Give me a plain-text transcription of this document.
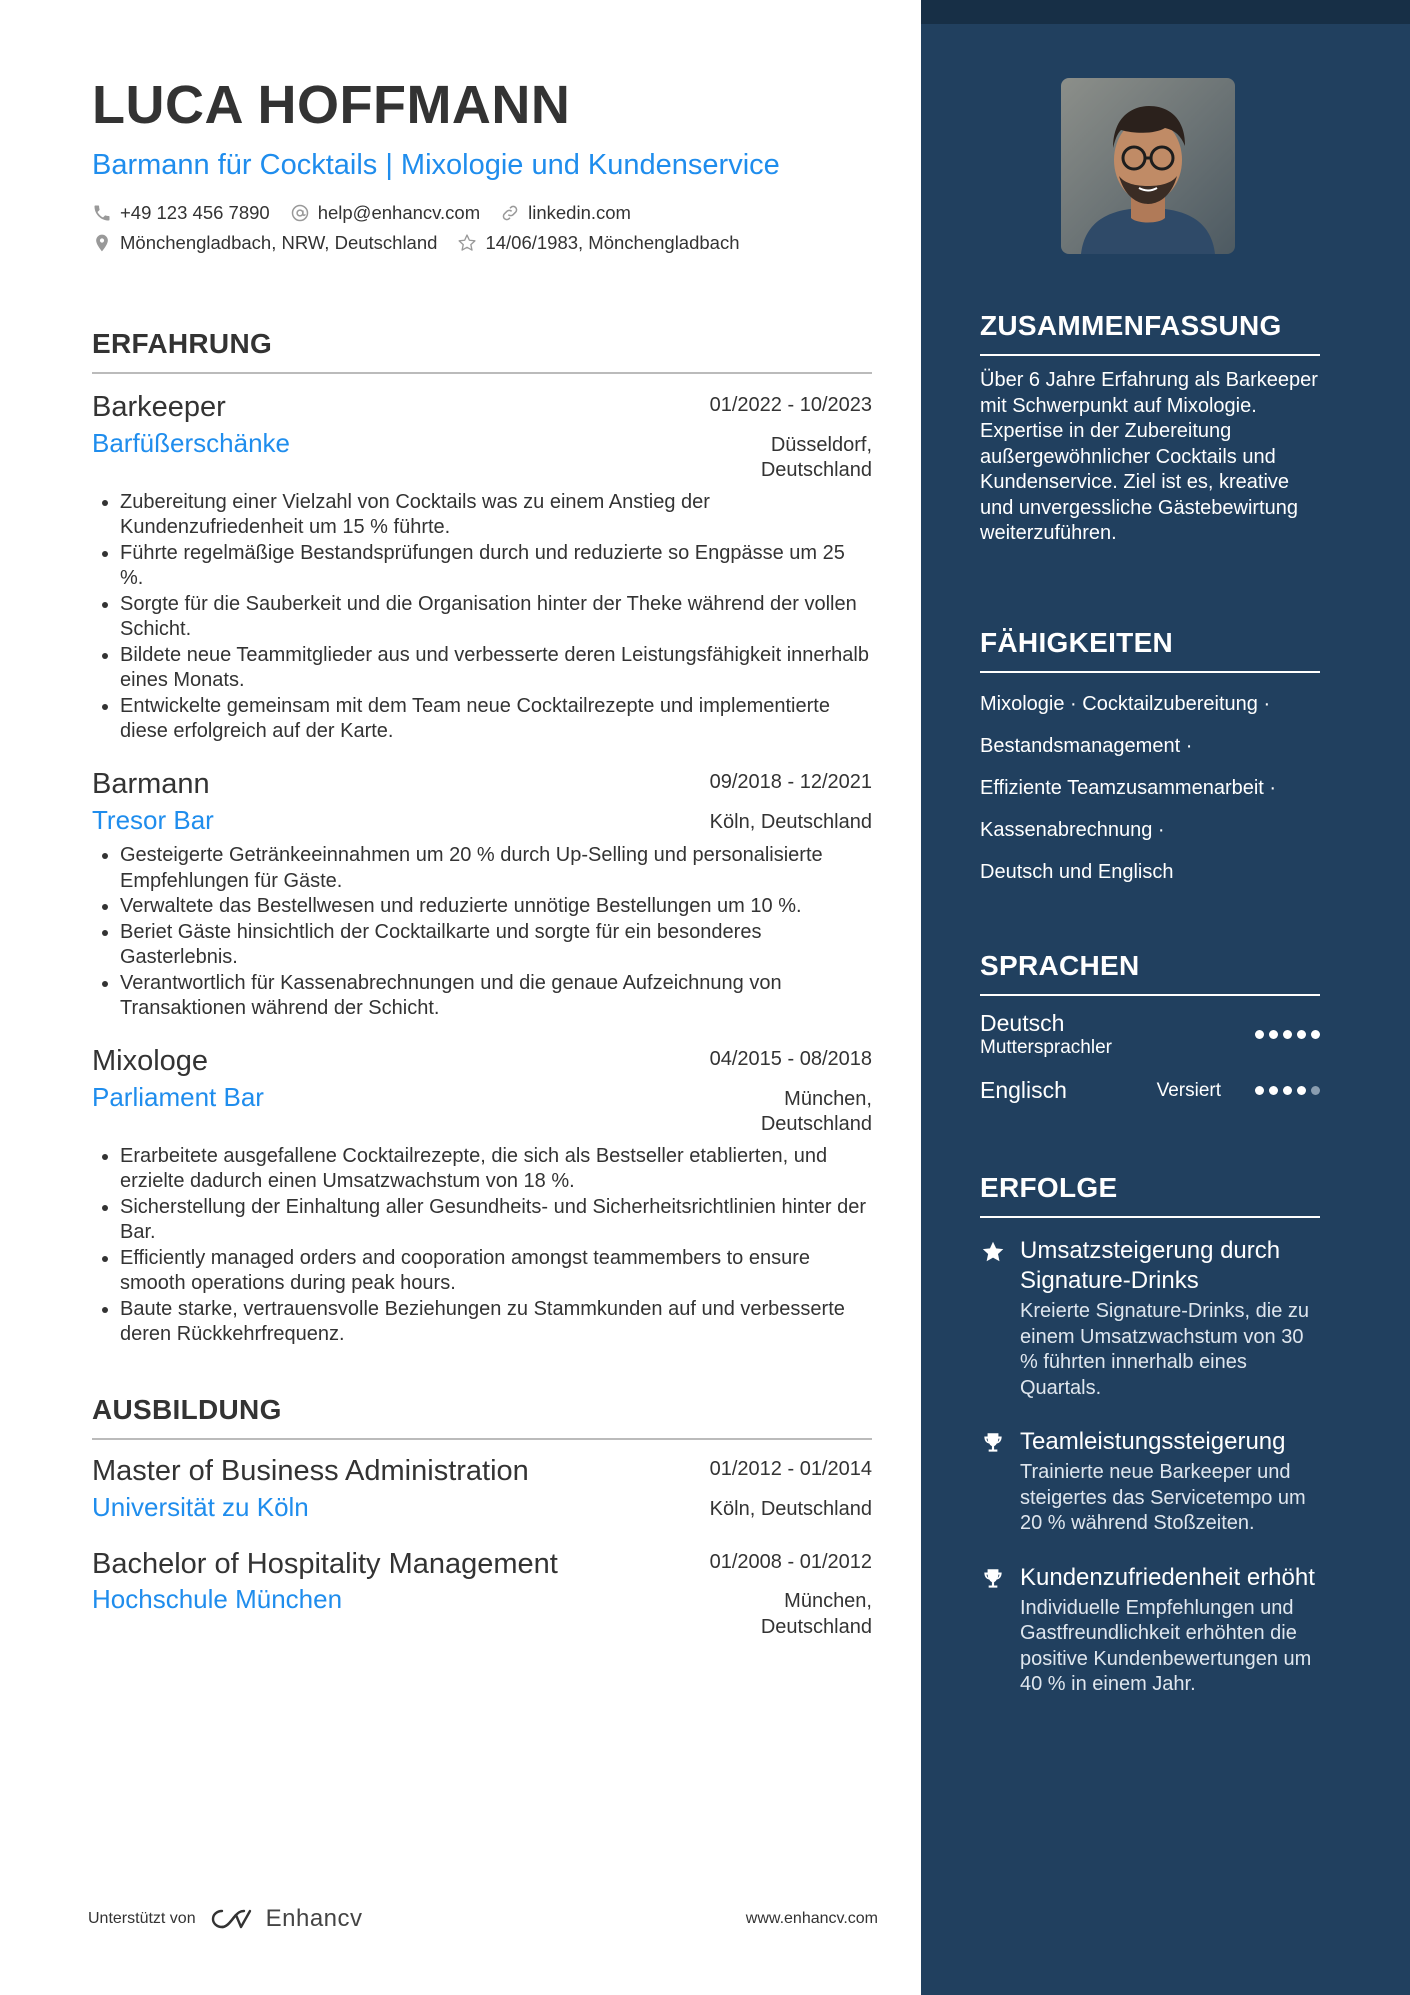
LUCA HOFFMANN
Barmann für Cocktails | Mixologie und Kundenservice
+49 123 456 7890	help@enhancv.com	linkedin.com
Mönchengladbach, NRW, Deutschland	14/06/1983, Mönchengladbach
ERFAHRUNG
Barkeeper	01/2022 - 10/2023
Barfüßerschänke	Düsseldorf,
Deutschland
• Zubereitung einer Vielzahl von Cocktails was zu einem Anstieg der Kundenzufriedenheit um 15 % führte.
• Führte regelmäßige Bestandsprüfungen durch und reduzierte so Engpässe um 25 %.
• Sorgte für die Sauberkeit und die Organisation hinter der Theke während der vollen Schicht.
• Bildete neue Teammitglieder aus und verbesserte deren Leistungsfähigkeit innerhalb eines Monats.
• Entwickelte gemeinsam mit dem Team neue Cocktailrezepte und implementierte diese erfolgreich auf der Karte.
Barmann	09/2018 - 12/2021
Tresor Bar	Köln, Deutschland
• Gesteigerte Getränkeeinnahmen um 20 % durch Up-Selling und personalisierte Empfehlungen für Gäste.
• Verwaltete das Bestellwesen und reduzierte unnötige Bestellungen um 10 %.
• Beriet Gäste hinsichtlich der Cocktailkarte und sorgte für ein besonderes Gasterlebnis.
• Verantwortlich für Kassenabrechnungen und die genaue Aufzeichnung von Transaktionen während der Schicht.
Mixologe	04/2015 - 08/2018
Parliament Bar	München,
Deutschland
• Erarbeitete ausgefallene Cocktailrezepte, die sich als Bestseller etablierten, und erzielte dadurch einen Umsatzwachstum von 18 %.
• Sicherstellung der Einhaltung aller Gesundheits- und Sicherheitsrichtlinien hinter der Bar.
• Efficiently managed orders and cooporation amongst teammembers to ensure smooth operations during peak hours.
• Baute starke, vertrauensvolle Beziehungen zu Stammkunden auf und verbesserte deren Rückkehrfrequenz.
AUSBILDUNG
Master of Business Administration	01/2012 - 01/2014
Universität zu Köln	Köln, Deutschland
Bachelor of Hospitality Management	01/2008 - 01/2012
Hochschule München	München,
Deutschland
Unterstützt von	Enhancv	www.enhancv.com
ZUSAMMENFASSUNG
Über 6 Jahre Erfahrung als Barkeeper mit Schwerpunkt auf Mixologie. Expertise in der Zubereitung außergewöhnlicher Cocktails und Kundenservice. Ziel ist es, kreative und unvergessliche Gästebewirtung weiterzuführen.
FÄHIGKEITEN
Mixologie · Cocktailzubereitung ·
Bestandsmanagement ·
Effiziente Teamzusammenarbeit ·
Kassenabrechnung ·
Deutsch und Englisch
SPRACHEN
Deutsch
Muttersprachler
Englisch	Versiert
ERFOLGE
Umsatzsteigerung durch Signature-Drinks
Kreierte Signature-Drinks, die zu einem Umsatzwachstum von 30 % führten innerhalb eines Quartals.
Teamleistungssteigerung
Trainierte neue Barkeeper und steigertes das Servicetempo um 20 % während Stoßzeiten.
Kundenzufriedenheit erhöht
Individuelle Empfehlungen und Gastfreundlichkeit erhöhten die positive Kundenbewertungen um 40 % in einem Jahr.
